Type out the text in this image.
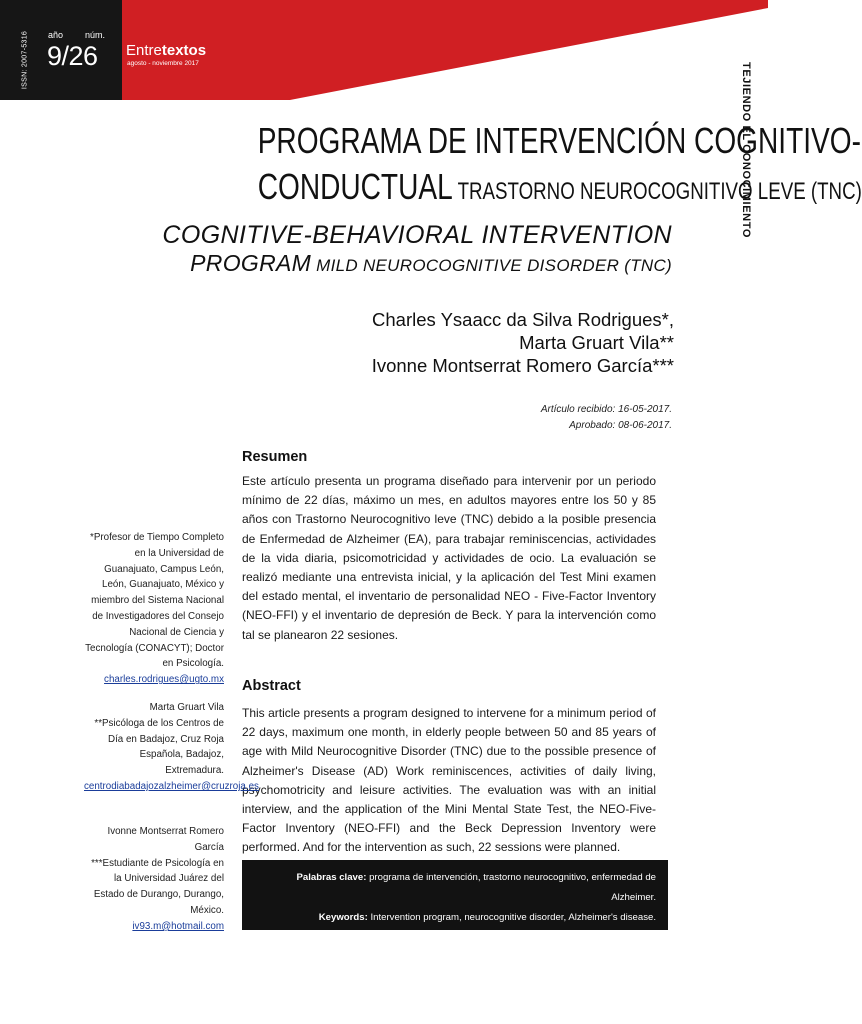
ISSN: 2007-5316 año núm.
9/26 Entretextos
agosto - noviembre 2017	TEJIENDO EL CONOCIMIENTO
PROGRAMA DE INTERVENCIÓN COGNITIVO-
CONDUCTUAL TRASTORNO NEUROCOGNITIVO LEVE (TNC)
COGNITIVE-BEHAVIORAL INTERVENTION
PROGRAM MILD NEUROCOGNITIVE DISORDER (TNC)
Charles Ysaacc da Silva Rodrigues*,
Marta Gruart Vila**
Ivonne Montserrat Romero García***
Artículo recibido: 16-05-2017.
Aprobado: 08-06-2017.
Resumen
Este artículo presenta un programa diseñado para intervenir por un periodo mínimo de 22 días, máximo un mes, en adultos mayores entre los 50 y 85 años con Trastorno Neurocognitivo leve (TNC) debido a la posible presencia de Enfermedad de Alzheimer (EA), para trabajar reminiscencias, actividades de la vida diaria, psicomotricidad y actividades de ocio. La evaluación se realizó mediante una entrevista inicial, y la aplicación del Test Mini examen del estado mental, el inventario de personalidad NEO - Five-Factor Inventory (NEO-FFI) y el inventario de depresión de Beck. Y para la intervención como tal se planearon 22 sesiones.
Abstract
This article presents a program designed to intervene for a minimum period of 22 days, maximum one month, in elderly people between 50 and 85 years of age with Mild Neurocognitive Disorder (TNC) due to the possible presence of Alzheimer's Disease (AD) Work reminiscences, activities of daily living, psychomotricity and leisure activities. The evaluation was with an initial interview, and the application of the Mini Mental State Test, the NEO-Five-Factor Inventory (NEO-FFI) and the Beck Depression Inventory were performed. And for the intervention as such, 22 sessions were planned.
*Profesor de Tiempo Completo en la Universidad de Guanajuato, Campus León, León, Guanajuato, México y miembro del Sistema Nacional de Investigadores del Consejo Nacional de Ciencia y Tecnología (CONACYT); Doctor en Psicología.
charles.rodrigues@ugto.mx
Marta Gruart Vila
**Psicóloga de los Centros de Día en Badajoz, Cruz Roja Española, Badajoz, Extremadura.
centrodiabadajozalzheimer@cruzroja.es
Ivonne Montserrat Romero García
***Estudiante de Psicología en la Universidad Juárez del Estado de Durango, Durango, México.
iv93.m@hotmail.com
Palabras clave: programa de intervención, trastorno neurocognitivo, enfermedad de Alzheimer.
Keywords: Intervention program, neurocognitive disorder, Alzheimer's disease.
